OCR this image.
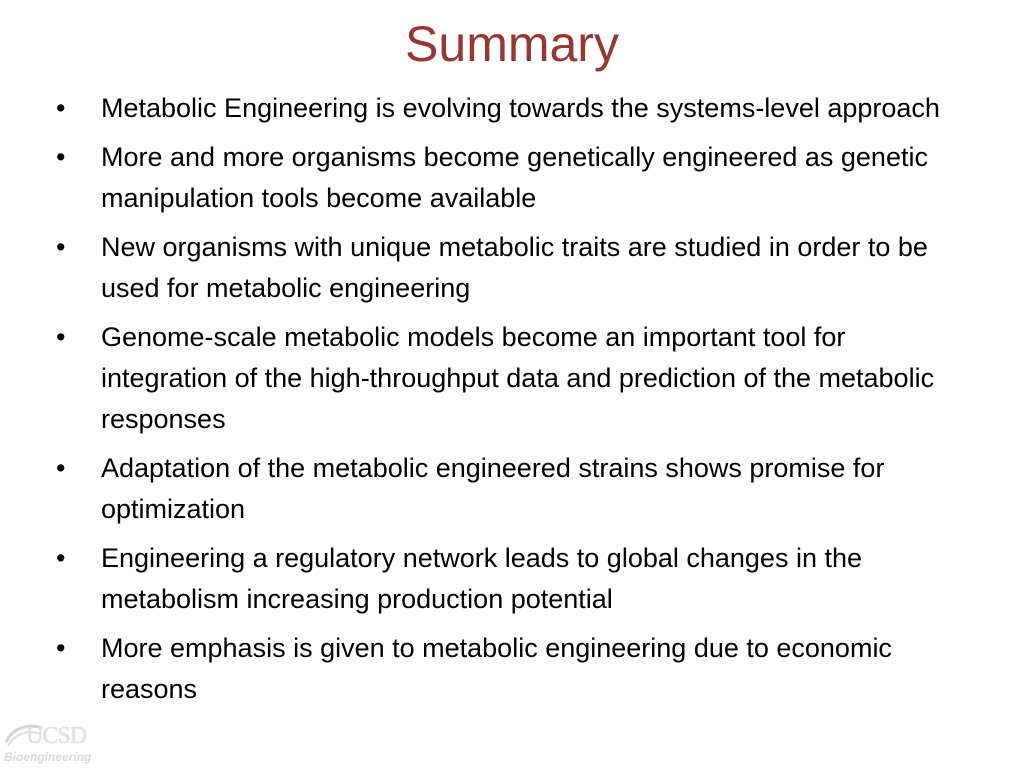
Summary
•	Metabolic Engineering is evolving towards the systems-level approach
•	More and more organisms become genetically engineered as genetic manipulation tools become available
•	New organisms with unique metabolic traits are studied in order to be used for metabolic engineering
•	Genome-scale metabolic models become an important tool for integration of the high-throughput data and prediction of the metabolic responses
•	Adaptation of the metabolic engineered strains shows promise for optimization
•	Engineering a regulatory network leads to global changes in the metabolism increasing production potential
•	More emphasis is given to metabolic engineering due to economic reasons
UCSD
Bioengineering
